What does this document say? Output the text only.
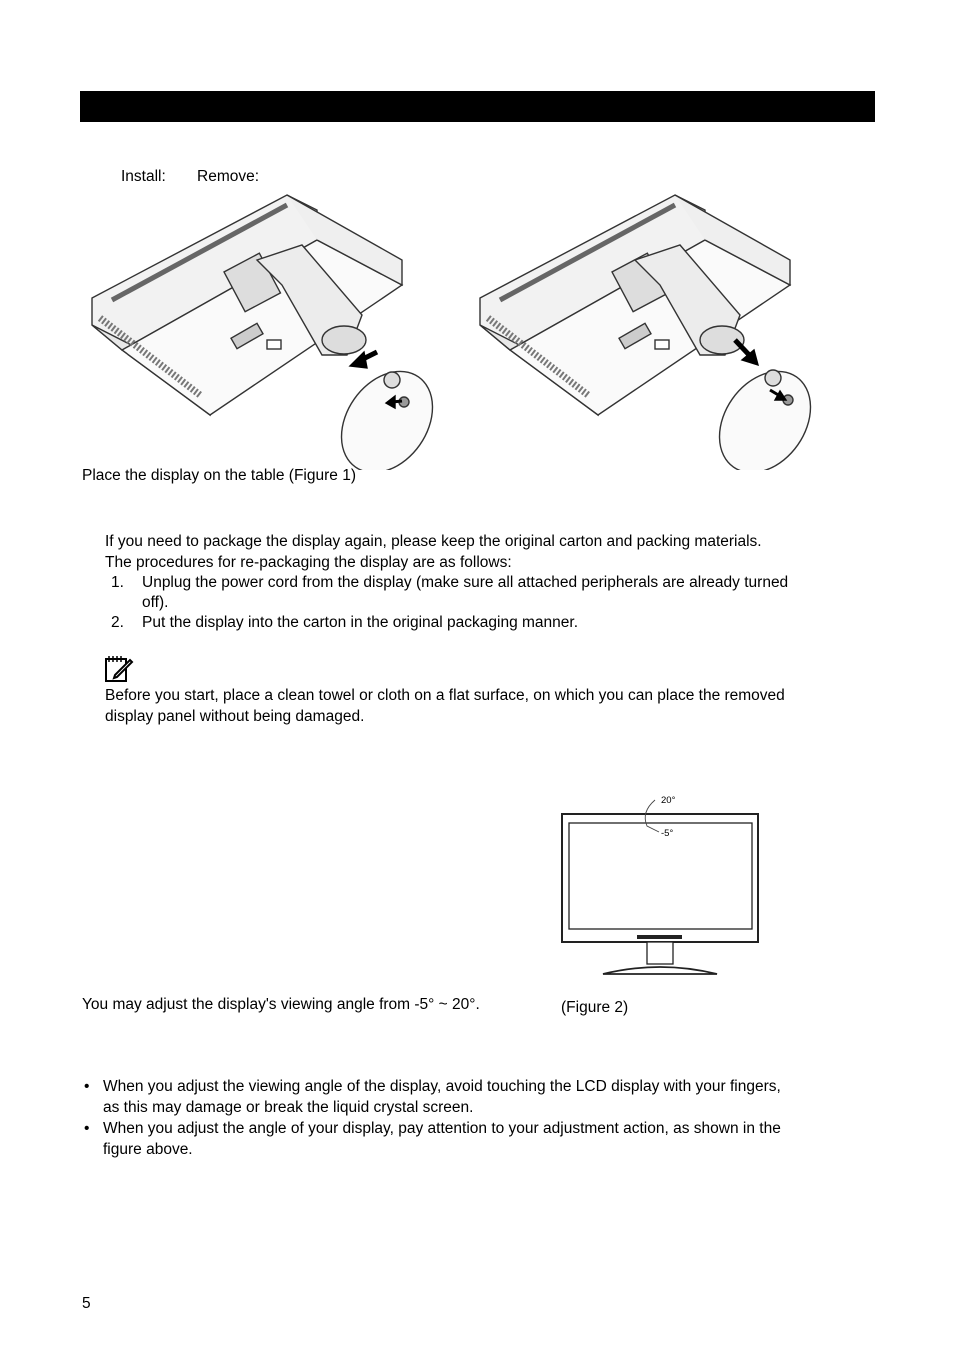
Install: Remove:
Place the display on the table (Figure 1)
If you need to package the display again, please keep the original carton and packing materials.
The procedures for re-packaging the display are as follows:
1. Unplug the power cord from the display (make sure all attached peripherals are already turned
off).
2. Put the display into the carton in the original packaging manner.
Before you start, place a clean towel or cloth on a flat surface, on which you can place the removed
display panel without being damaged.
20°
-5°
You may adjust the display's viewing angle from -5° ~ 20°.	(Figure 2)
• When you adjust the viewing angle of the display, avoid touching the LCD display with your fingers,
as this may damage or break the liquid crystal screen.
• When you adjust the angle of your display, pay attention to your adjustment action, as shown in the
figure above.
5
